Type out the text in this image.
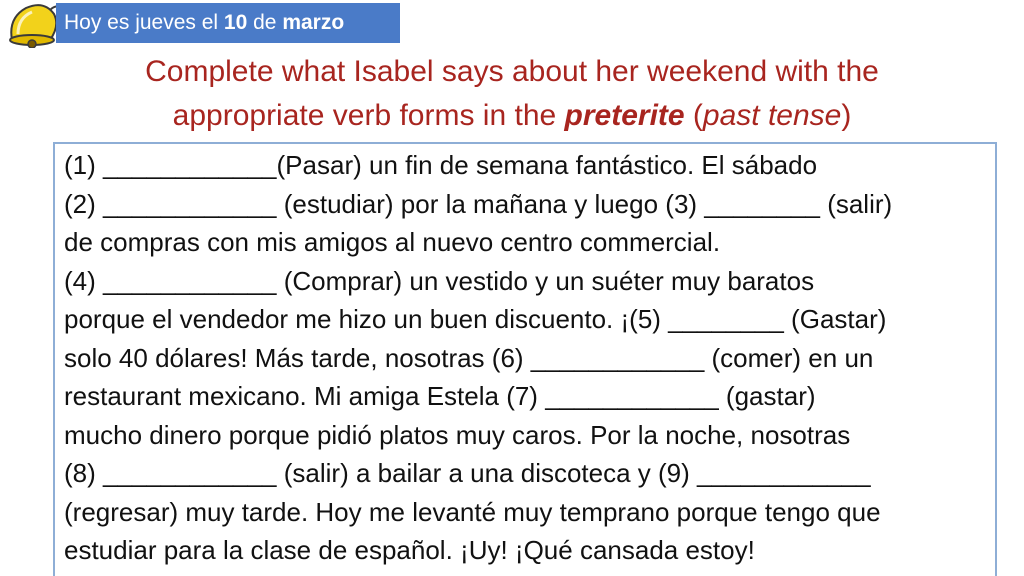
Hoy es jueves el 10 de marzo
Complete what Isabel says about her weekend with the
appropriate verb forms in the preterite (past tense)
(1) ____________(Pasar) un fin de semana fantástico. El sábado
(2) ____________ (estudiar) por la mañana y luego (3) ________ (salir)
de compras con mis amigos al nuevo centro commercial.
(4) ____________ (Comprar) un vestido y un suéter muy baratos
porque el vendedor me hizo un buen discuento. ¡(5) ________ (Gastar)
solo 40 dólares! Más tarde, nosotras (6) ____________ (comer) en un
restaurant mexicano. Mi amiga Estela (7) ____________ (gastar)
mucho dinero porque pidió platos muy caros. Por la noche, nosotras
(8) ____________ (salir) a bailar a una discoteca y (9) ____________
(regresar) muy tarde. Hoy me levanté muy temprano porque tengo que
estudiar para la clase de español. ¡Uy! ¡Qué cansada estoy!
